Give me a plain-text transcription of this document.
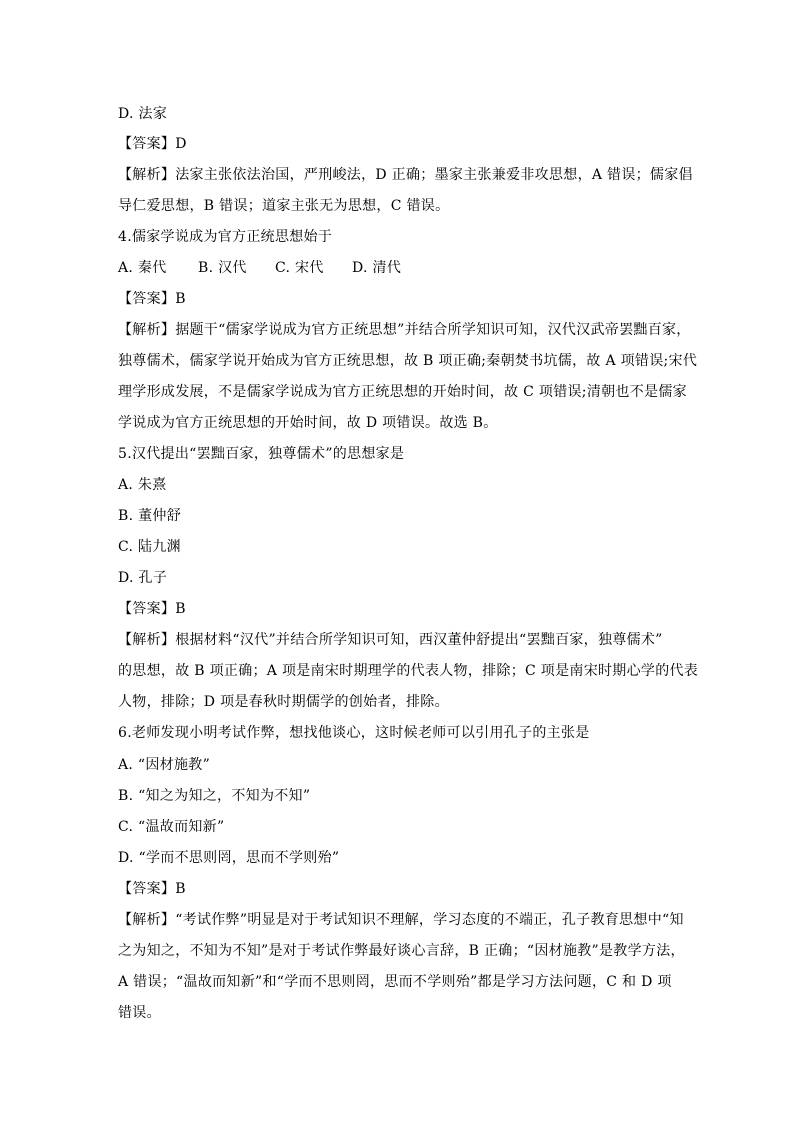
D. 法家
【答案】D
【解析】法家主张依法治国，严刑峻法，D 正确；墨家主张兼爱非攻思想，A 错误；儒家倡
导仁爱思想，B 错误；道家主张无为思想，C 错误。
4.儒家学说成为官方正统思想始于
A. 秦代 B. 汉代 C. 宋代 D. 清代
【答案】B
【解析】据题干“儒家学说成为官方正统思想”并结合所学知识可知，汉代汉武帝罢黜百家，
独尊儒术，儒家学说开始成为官方正统思想，故 B 项正确;秦朝焚书坑儒，故 A 项错误;宋代
理学形成发展，不是儒家学说成为官方正统思想的开始时间，故 C 项错误;清朝也不是儒家
学说成为官方正统思想的开始时间，故 D 项错误。故选 B。
5.汉代提出“罢黜百家，独尊儒术”的思想家是
A. 朱熹
B. 董仲舒
C. 陆九渊
D. 孔子
【答案】B
【解析】根据材料“汉代”并结合所学知识可知，西汉董仲舒提出“罢黜百家，独尊儒术”
的思想，故 B 项正确；A 项是南宋时期理学的代表人物，排除；C 项是南宋时期心学的代表
人物，排除；D 项是春秋时期儒学的创始者，排除。
6.老师发现小明考试作弊，想找他谈心，这时候老师可以引用孔子的主张是
A. “因材施教”
B. “知之为知之，不知为不知”
C. “温故而知新”
D. “学而不思则罔，思而不学则殆”
【答案】B
【解析】“考试作弊”明显是对于考试知识不理解，学习态度的不端正，孔子教育思想中“知
之为知之，不知为不知”是对于考试作弊最好谈心言辞，B 正确；“因材施教”是教学方法，
A 错误；“温故而知新”和“学而不思则罔，思而不学则殆”都是学习方法问题，C 和 D 项
错误。
